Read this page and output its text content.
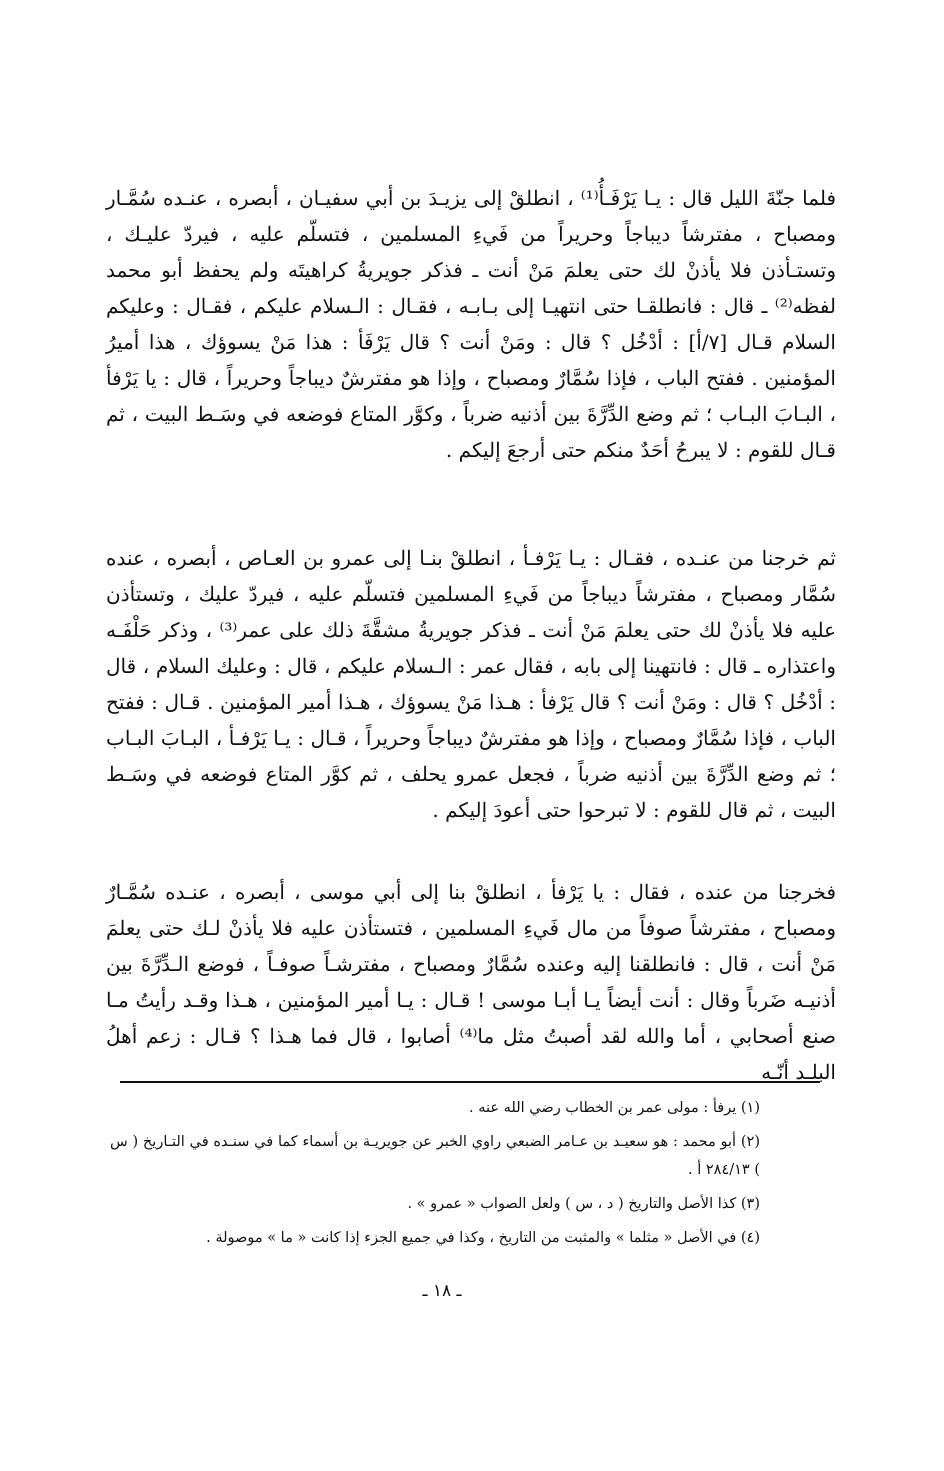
فلما جنّةَ الليل قال : يـا يَرْفَـأُ⁽¹⁾ ، انطلقْ إلى يزيـدَ بن أبي سفيـان ، أبصره ، عنـده سُمَّـار ومصباح ، مفترشاً ديباجاً وحريراً من فَيءِ المسلمين ، فتسلّم عليه ، فيردّ عليـك ، وتستـأذن فلا يأذنْ لك حتى يعلمَ مَنْ أنت ـ فذكر جويريةُ كراهيتَه ولم يحفظ أبو محمد لفظه⁽²⁾ ـ قال : فانطلقـا حتى انتهيـا إلى بـابـه ، فقـال : الـسلام عليكم ، فقـال : وعليكم السلام قـال [٧/أ] : أدْخُل ؟ قال : ومَنْ أنت ؟ قال يَرْفَأ : هذا مَنْ يسوؤك ، هذا أميرُ المؤمنين . ففتح الباب ، فإذا سُمَّارٌ ومصباح ، وإذا هو مفترشٌ ديباجاً وحريراً ، قال : يا يَرْفأ ، البـابَ البـاب ؛ ثم وضع الدِّرَّةَ بين أذنيه ضرباً ، وكوَّر المتاع فوضعه في وسَـط البيت ، ثم قـال للقوم : لا يبرحُ أحَدٌ منكم حتى أرجعَ إليكم .

ثم خرجنا من عنـده ، فقـال : يـا يَرْفـأ ، انطلقْ بنـا إلى عمرو بن العـاص ، أبصره ، عنده سُمَّار ومصباح ، مفترشاً ديباجاً من فَيءِ المسلمين فتسلّم عليه ، فيردّ عليك ، وتستأذن عليه فلا يأذنْ لك حتى يعلمَ مَنْ أنت ـ فذكر جويريةُ مشقَّةَ ذلك على عمر⁽³⁾ ، وذكر حَلْفَـه واعتذاره ـ قال : فانتهينا إلى بابه ، فقال عمر : الـسلام عليكم ، قال : وعليك السلام ، قال : أدْخُل ؟ قال : ومَنْ أنت ؟ قال يَرْفأ : هـذا مَنْ يسوؤك ، هـذا أمير المؤمنين . قـال : ففتح الباب ، فإذا سُمَّارٌ ومصباح ، وإذا هو مفترشٌ ديباجاً وحريراً ، قـال : يـا يَرْفـأ ، البـابَ البـاب ؛ ثم وضع الدِّرَّةَ بين أذنيه ضرباً ، فجعل عمرو يحلف ، ثم كوَّر المتاع فوضعه في وسَـط البيت ، ثم قال للقوم : لا تبرحوا حتى أعودَ إليكم .

فخرجنا من عنده ، فقال : يا يَرْفأ ، انطلقْ بنا إلى أبي موسى ، أبصره ، عنـده سُمَّـارٌ ومصباح ، مفترشاً صوفاً من مال فَيءِ المسلمين ، فتستأذن عليه فلا يأذنْ لـك حتى يعلمَ مَنْ أنت ، قال : فانطلقنا إليه وعنده سُمَّارٌ ومصباح ، مفترشـاً صوفـاً ، فوضع الـدِّرَّةَ بين أذنيـه ضَرباً وقال : أنت أيضاً يـا أبـا موسى ! قـال : يـا أمير المؤمنين ، هـذا وقـد رأيتُ مـا صنع أصحابي ، أما والله لقد أصبتُ مثل ما⁽⁴⁾ أصابوا ، قال فما هـذا ؟ قـال : زعم أهلُ البلـد أنّـه

(١) يرفأ : مولى عمر بن الخطاب رضي الله عنه .

(٢) أبو محمد : هو سعيـد بن عـامر الضبعي راوي الخبر عن جويريـة بن أسماء كما في سنـده في التـاريخ ( س ) ٢٨٤/١٣ أ .

(٣) كذا الأصل والتاريخ ( د ، س ) ولعل الصواب « عمرو » .

(٤) في الأصل « مثلما » والمثبت من التاريخ ، وكذا في جميع الجزء إذا كانت « ما » موصولة .

ـ ١٨ ـ
